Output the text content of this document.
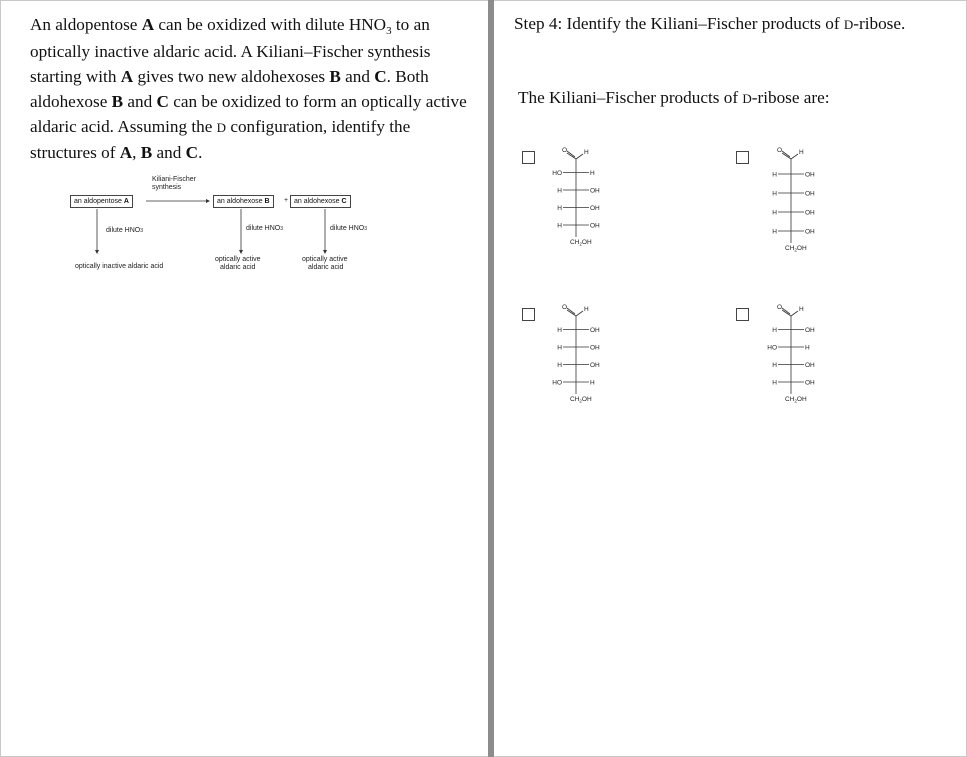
An aldopentose A can be oxidized with dilute $HNO_3$ to an optically inactive aldaric acid. A Kiliani–Fischer synthesis starting with A gives two new aldohexoses B and C. Both aldohexose B and C can be oxidized to form an optically active aldaric acid. Assuming the D configuration, identify the structures of A, B and C.

Kiliani-Fischer
synthesis
an aldopentose A	an aldohexose B	+ an aldohexose C
dilute HNO3	dilute HNO3	dilute HNO3
optically inactive aldaric acid
optically active
aldaric acid
optically active
aldaric acid
Step 4: Identify the Kiliani–Fischer products of D-ribose.
The Kiliani–Fischer products of D-ribose are:
O	H
HO	H
H	OH
H	OH
H	OH
$CH_2OH$
O	H
H	OH
H	OH
H	OH
H	OH
$CH_2OH$
O	H
H	OH
H	OH
H	OH
HO	H
$CH_2OH$
O	H
H	OH
HO	H
H	OH
H	OH
$CH_2OH$
